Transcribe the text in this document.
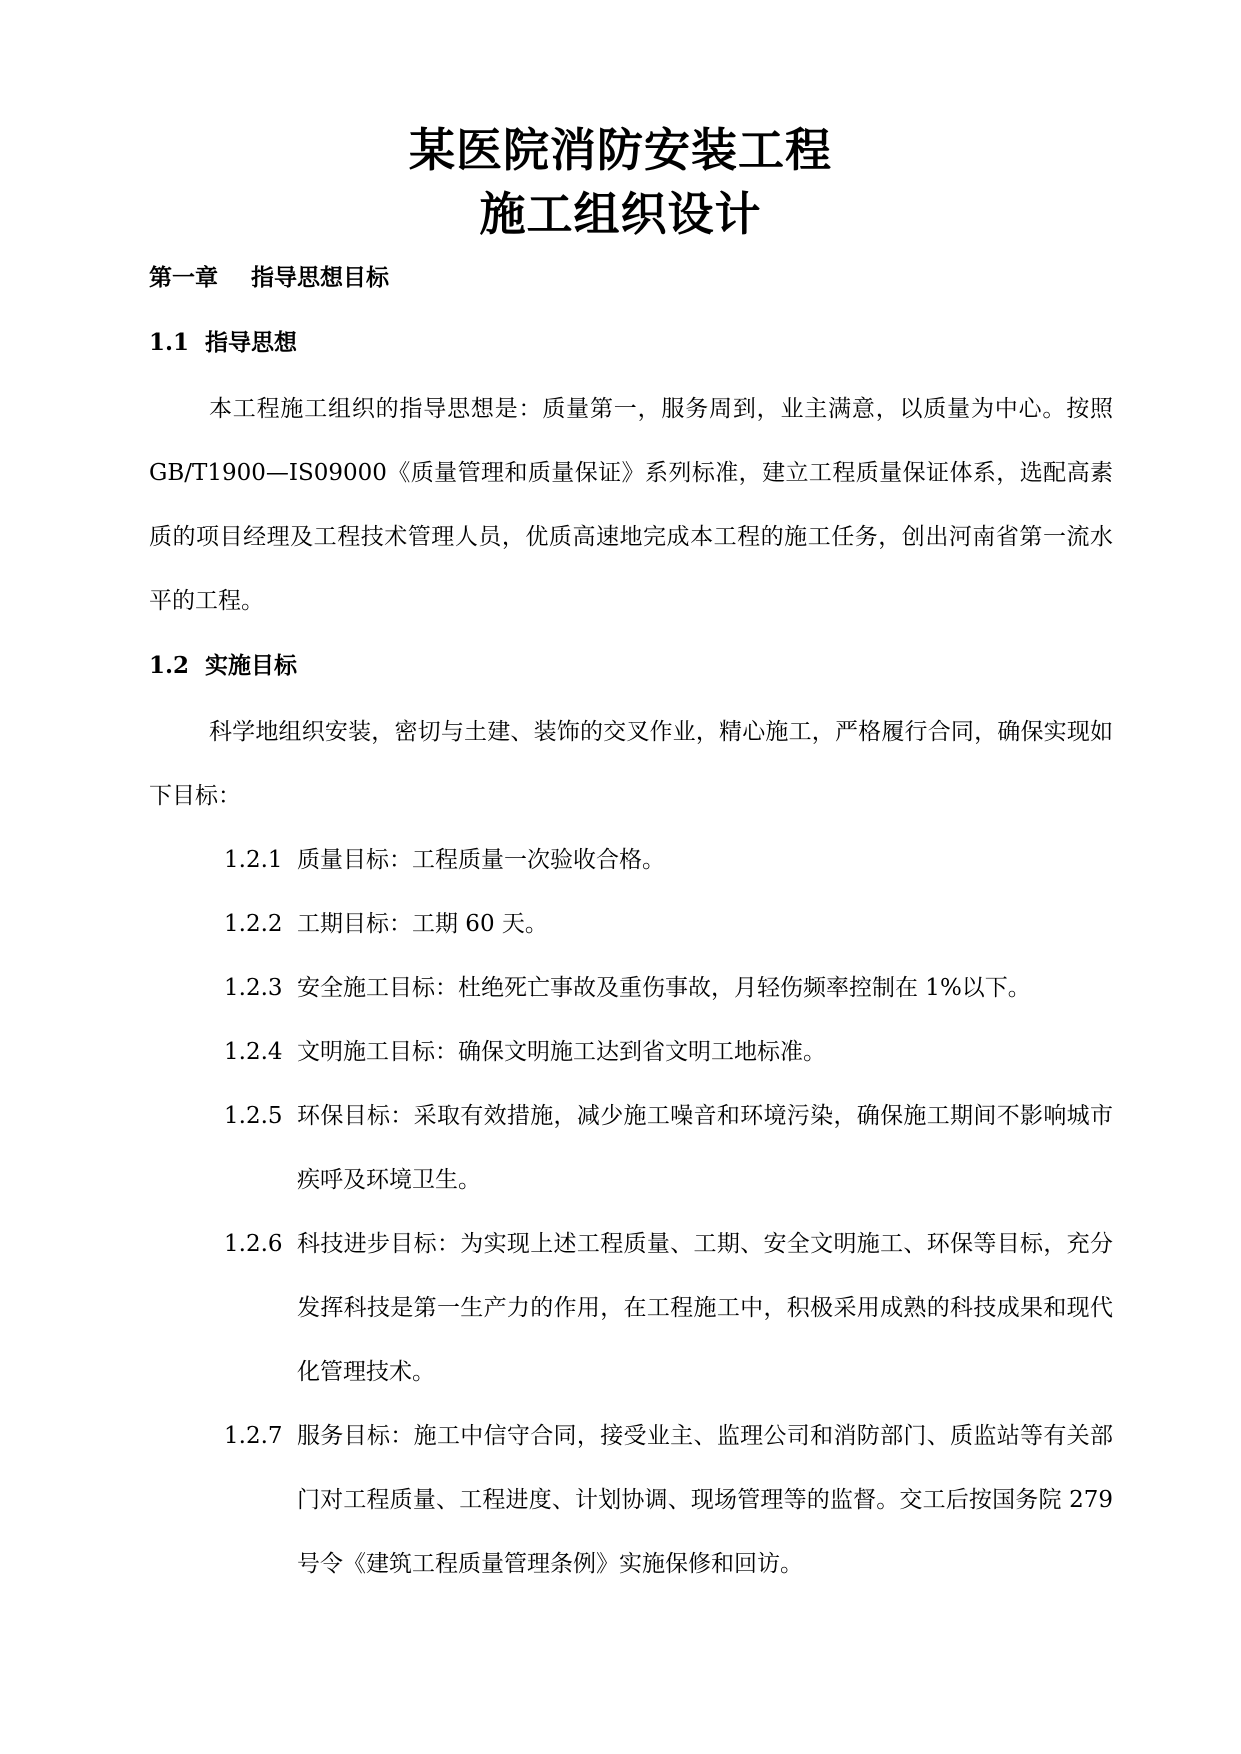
某医院消防安装工程
施工组织设计
第一章 指导思想目标
1.1 指导思想

本工程施工组织的指导思想是：质量第一，服务周到，业主满意，以质量为中心。按照GB/T1900—IS09000《质量管理和质量保证》系列标准，建立工程质量保证体系，选配高素质的项目经理及工程技术管理人员，优质高速地完成本工程的施工任务，创出河南省第一流水平的工程。

1.2 实施目标

科学地组织安装，密切与土建、装饰的交叉作业，精心施工，严格履行合同，确保实现如下目标：

1.2.1 质量目标：工程质量一次验收合格。
1.2.2 工期目标：工期 60 天。
1.2.3 安全施工目标：杜绝死亡事故及重伤事故，月轻伤频率控制在 1%以下。
1.2.4 文明施工目标：确保文明施工达到省文明工地标准。
1.2.5 环保目标：采取有效措施，减少施工噪音和环境污染，确保施工期间不影响城市疾呼及环境卫生。
1.2.6 科技进步目标：为实现上述工程质量、工期、安全文明施工、环保等目标，充分发挥科技是第一生产力的作用，在工程施工中，积极采用成熟的科技成果和现代化管理技术。
1.2.7 服务目标：施工中信守合同，接受业主、监理公司和消防部门、质监站等有关部门对工程质量、工程进度、计划协调、现场管理等的监督。交工后按国务院 279 号令《建筑工程质量管理条例》实施保修和回访。
